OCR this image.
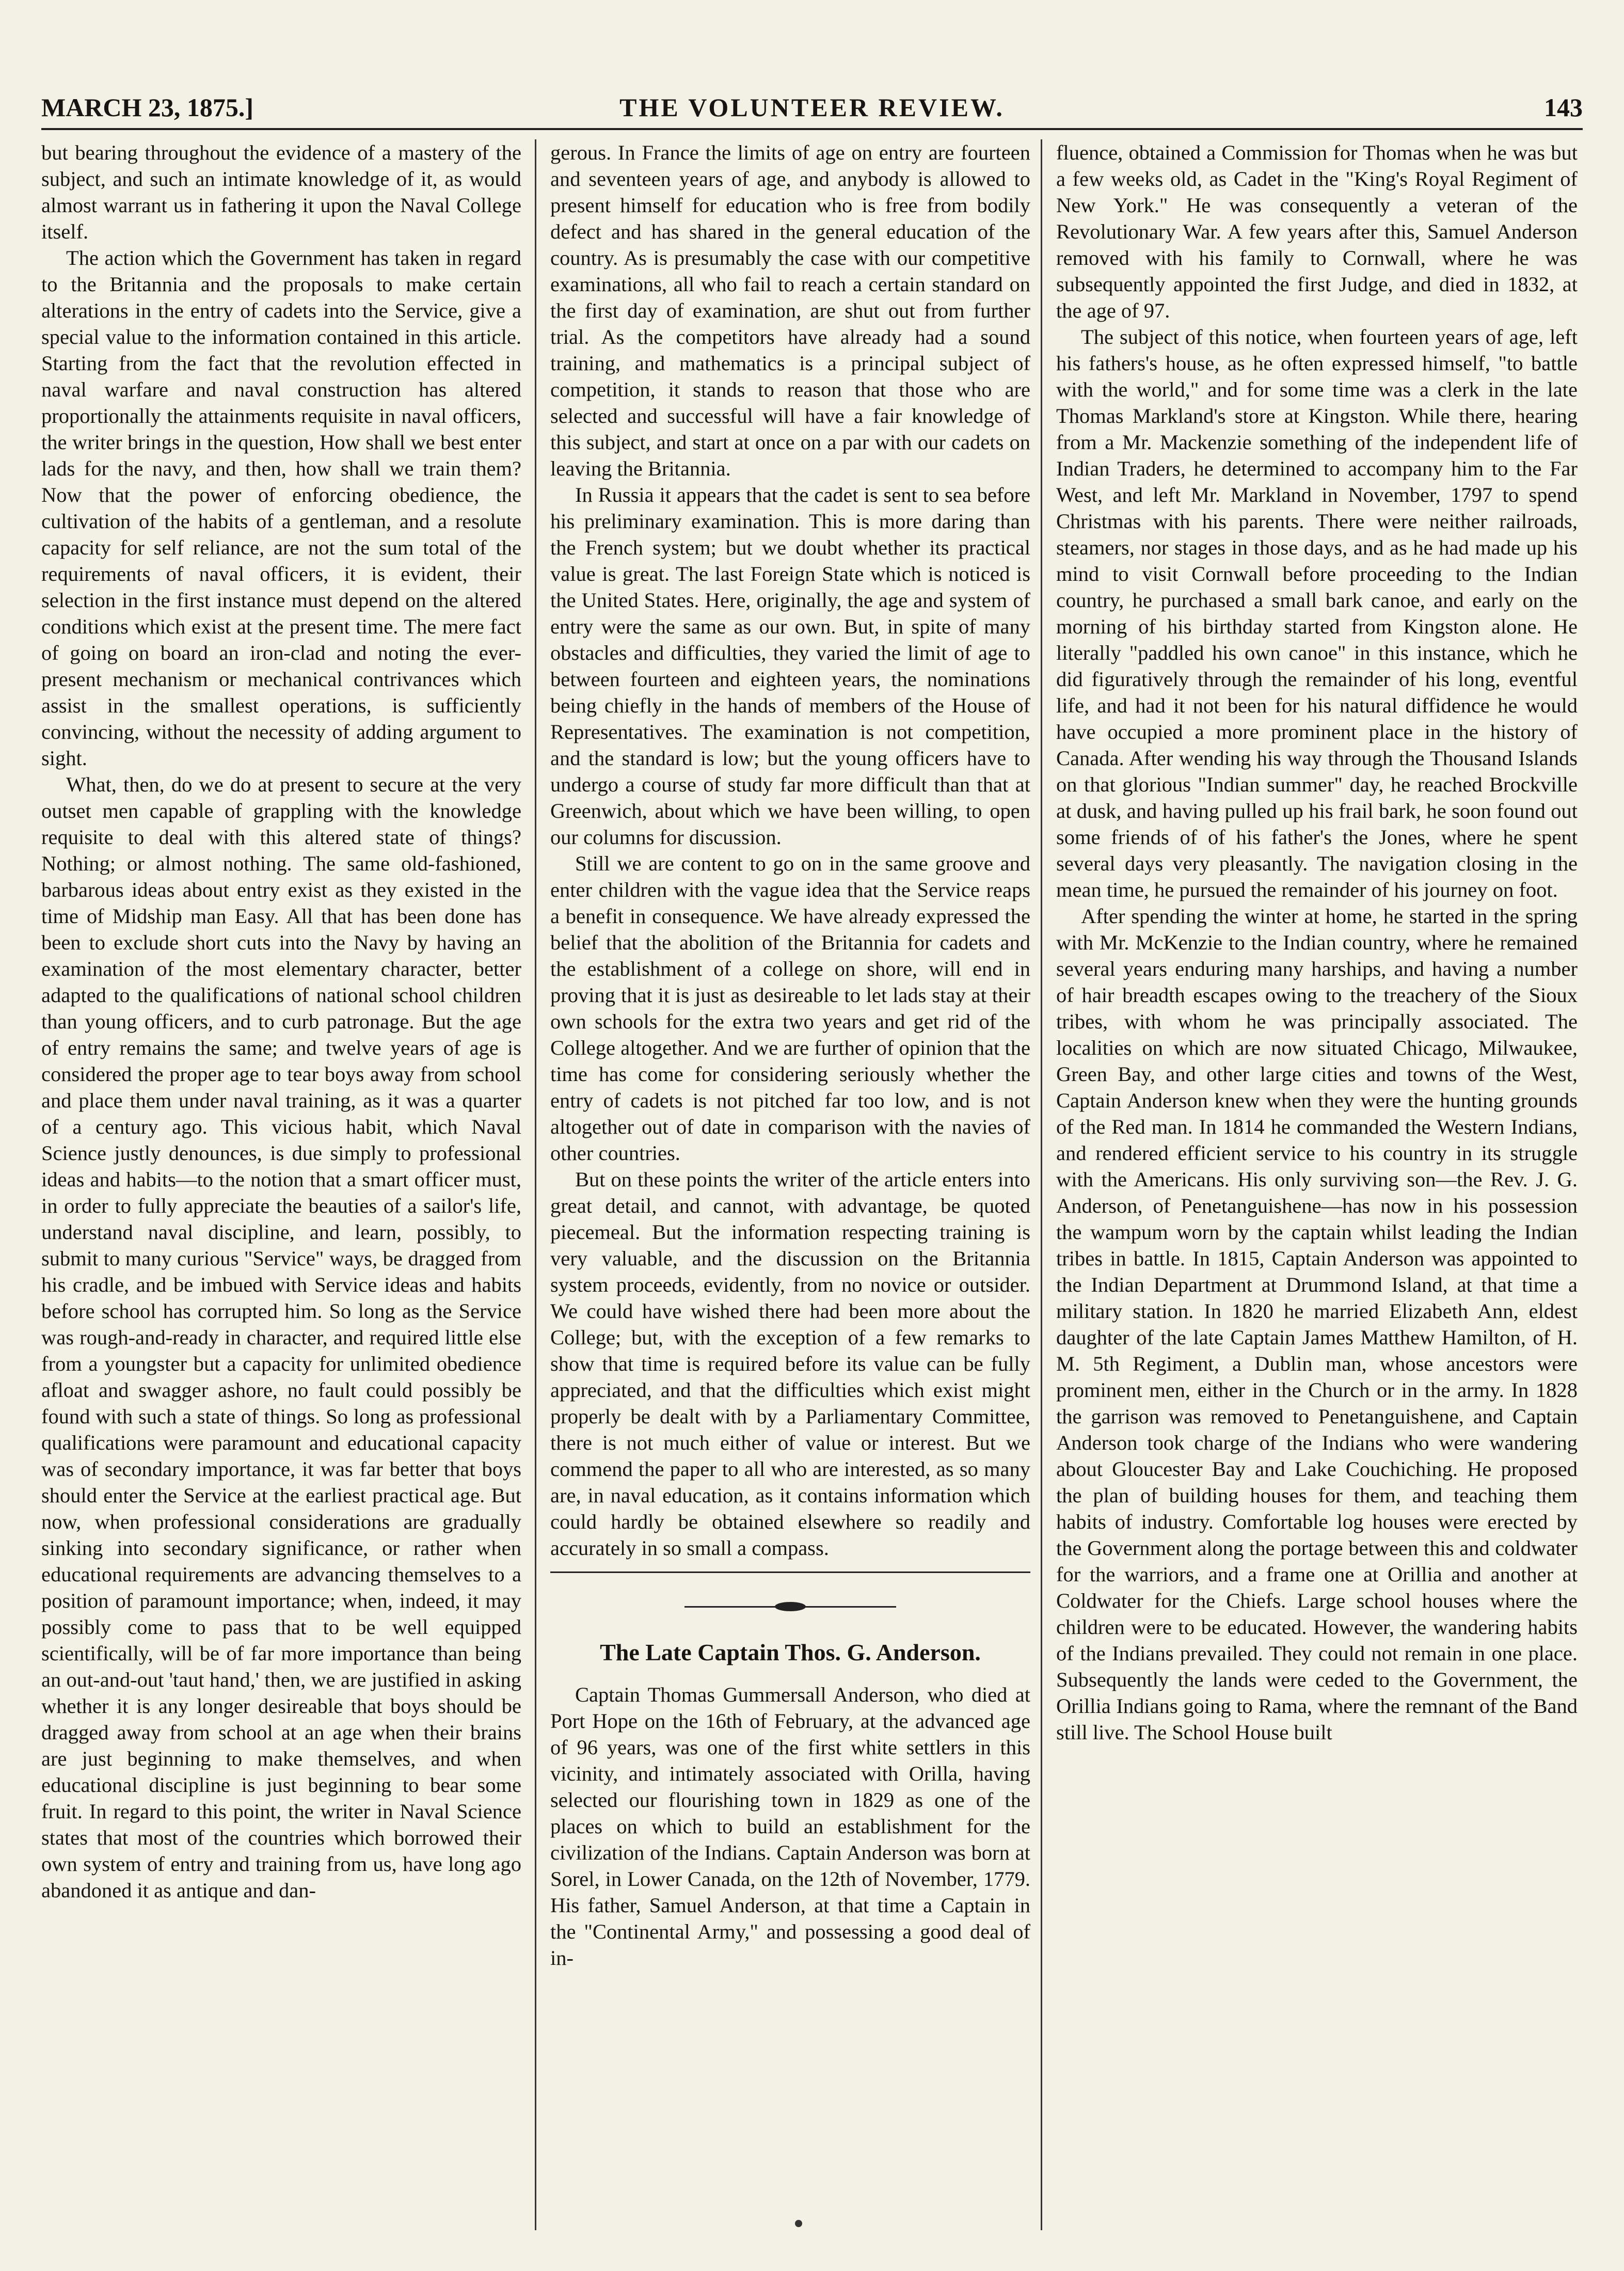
MARCH 23, 1875.]	THE VOLUNTEER REVIEW.	143

but bearing throughout the evidence of a mastery of the subject, and such an intimate knowledge of it, as would almost warrant us in fathering it upon the Naval College itself.

The action which the Government has taken in regard to the Britannia and the proposals to make certain alterations in the entry of cadets into the Service, give a special value to the information contained in this article. Starting from the fact that the revolution effected in naval warfare and naval construction has altered proportionally the attainments requisite in naval officers, the writer brings in the question, How shall we best enter lads for the navy, and then, how shall we train them? Now that the power of enforcing obedience, the cultivation of the habits of a gentleman, and a resolute capacity for self reliance, are not the sum total of the requirements of naval officers, it is evident, their selection in the first instance must depend on the altered conditions which exist at the present time. The mere fact of going on board an iron-clad and noting the ever-present mechanism or mechanical contrivances which assist in the smallest operations, is sufficiently convincing, without the necessity of adding argument to sight.

What, then, do we do at present to secure at the very outset men capable of grappling with the knowledge requisite to deal with this altered state of things? Nothing; or almost nothing. The same old-fashioned, barbarous ideas about entry exist as they existed in the time of Midship man Easy. All that has been done has been to exclude short cuts into the Navy by having an examination of the most elementary character, better adapted to the qualifications of national school children than young officers, and to curb patronage. But the age of entry remains the same; and twelve years of age is considered the proper age to tear boys away from school and place them under naval training, as it was a quarter of a century ago. This vicious habit, which Naval Science justly denounces, is due simply to professional ideas and habits—to the notion that a smart officer must, in order to fully appreciate the beauties of a sailor's life, understand naval discipline, and learn, possibly, to submit to many curious "Service" ways, be dragged from his cradle, and be imbued with Service ideas and habits before school has corrupted him. So long as the Service was rough-and-ready in character, and required little else from a youngster but a capacity for unlimited obedience afloat and swagger ashore, no fault could possibly be found with such a state of things. So long as professional qualifications were paramount and educational capacity was of secondary importance, it was far better that boys should enter the Service at the earliest practical age. But now, when professional considerations are gradually sinking into secondary significance, or rather when educational requirements are advancing themselves to a position of paramount importance; when, indeed, it may possibly come to pass that to be well equipped scientifically, will be of far more importance than being an out-and-out 'taut hand,' then, we are justified in asking whether it is any longer desireable that boys should be dragged away from school at an age when their brains are just beginning to make themselves, and when educational discipline is just beginning to bear some fruit. In regard to this point, the writer in Naval Science states that most of the countries which borrowed their own system of entry and training from us, have long ago abandoned it as antique and dan-

gerous. In France the limits of age on entry are fourteen and seventeen years of age, and anybody is allowed to present himself for education who is free from bodily defect and has shared in the general education of the country. As is presumably the case with our competitive examinations, all who fail to reach a certain standard on the first day of examination, are shut out from further trial. As the competitors have already had a sound training, and mathematics is a principal subject of competition, it stands to reason that those who are selected and successful will have a fair knowledge of this subject, and start at once on a par with our cadets on leaving the Britannia.

In Russia it appears that the cadet is sent to sea before his preliminary examination. This is more daring than the French system; but we doubt whether its practical value is great. The last Foreign State which is noticed is the United States. Here, originally, the age and system of entry were the same as our own. But, in spite of many obstacles and difficulties, they varied the limit of age to between fourteen and eighteen years, the nominations being chiefly in the hands of members of the House of Representatives. The examination is not competition, and the standard is low; but the young officers have to undergo a course of study far more difficult than that at Greenwich, about which we have been willing, to open our columns for discussion.

Still we are content to go on in the same groove and enter children with the vague idea that the Service reaps a benefit in consequence. We have already expressed the belief that the abolition of the Britannia for cadets and the establishment of a college on shore, will end in proving that it is just as desireable to let lads stay at their own schools for the extra two years and get rid of the College altogether. And we are further of opinion that the time has come for considering seriously whether the entry of cadets is not pitched far too low, and is not altogether out of date in comparison with the navies of other countries.

But on these points the writer of the article enters into great detail, and cannot, with advantage, be quoted piecemeal. But the information respecting training is very valuable, and the discussion on the Britannia system proceeds, evidently, from no novice or outsider. We could have wished there had been more about the College; but, with the exception of a few remarks to show that time is required before its value can be fully appreciated, and that the difficulties which exist might properly be dealt with by a Parliamentary Committee, there is not much either of value or interest. But we commend the paper to all who are interested, as so many are, in naval education, as it contains information which could hardly be obtained elsewhere so readily and accurately in so small a compass.

The Late Captain Thos. G. Anderson.

Captain Thomas Gummersall Anderson, who died at Port Hope on the 16th of February, at the advanced age of 96 years, was one of the first white settlers in this vicinity, and intimately associated with Orilla, having selected our flourishing town in 1829 as one of the places on which to build an establishment for the civilization of the Indians. Captain Anderson was born at Sorel, in Lower Canada, on the 12th of November, 1779. His father, Samuel Anderson, at that time a Captain in the "Continental Army," and possessing a good deal of in-

fluence, obtained a Commission for Thomas when he was but a few weeks old, as Cadet in the "King's Royal Regiment of New York." He was consequently a veteran of the Revolutionary War. A few years after this, Samuel Anderson removed with his family to Cornwall, where he was subsequently appointed the first Judge, and died in 1832, at the age of 97.

The subject of this notice, when fourteen years of age, left his fathers's house, as he often expressed himself, "to battle with the world," and for some time was a clerk in the late Thomas Markland's store at Kingston. While there, hearing from a Mr. Mackenzie something of the independent life of Indian Traders, he determined to accompany him to the Far West, and left Mr. Markland in November, 1797 to spend Christmas with his parents. There were neither railroads, steamers, nor stages in those days, and as he had made up his mind to visit Cornwall before proceeding to the Indian country, he purchased a small bark canoe, and early on the morning of his birthday started from Kingston alone. He literally "paddled his own canoe" in this instance, which he did figuratively through the remainder of his long, eventful life, and had it not been for his natural diffidence he would have occupied a more prominent place in the history of Canada. After wending his way through the Thousand Islands on that glorious "Indian summer" day, he reached Brockville at dusk, and having pulled up his frail bark, he soon found out some friends of of his father's the Jones, where he spent several days very pleasantly. The navigation closing in the mean time, he pursued the remainder of his journey on foot.

After spending the winter at home, he started in the spring with Mr. McKenzie to the Indian country, where he remained several years enduring many harships, and having a number of hair breadth escapes owing to the treachery of the Sioux tribes, with whom he was principally associated. The localities on which are now situated Chicago, Milwaukee, Green Bay, and other large cities and towns of the West, Captain Anderson knew when they were the hunting grounds of the Red man. In 1814 he commanded the Western Indians, and rendered efficient service to his country in its struggle with the Americans. His only surviving son—the Rev. J. G. Anderson, of Penetanguishene—has now in his possession the wampum worn by the captain whilst leading the Indian tribes in battle. In 1815, Captain Anderson was appointed to the Indian Department at Drummond Island, at that time a military station. In 1820 he married Elizabeth Ann, eldest daughter of the late Captain James Matthew Hamilton, of H. M. 5th Regiment, a Dublin man, whose ancestors were prominent men, either in the Church or in the army. In 1828 the garrison was removed to Penetanguishene, and Captain Anderson took charge of the Indians who were wandering about Gloucester Bay and Lake Couchiching. He proposed the plan of building houses for them, and teaching them habits of industry. Comfortable log houses were erected by the Government along the portage between this and coldwater for the warriors, and a frame one at Orillia and another at Coldwater for the Chiefs. Large school houses where the children were to be educated. However, the wandering habits of the Indians prevailed. They could not remain in one place. Subsequently the lands were ceded to the Government, the Orillia Indians going to Rama, where the remnant of the Band still live. The School House built
